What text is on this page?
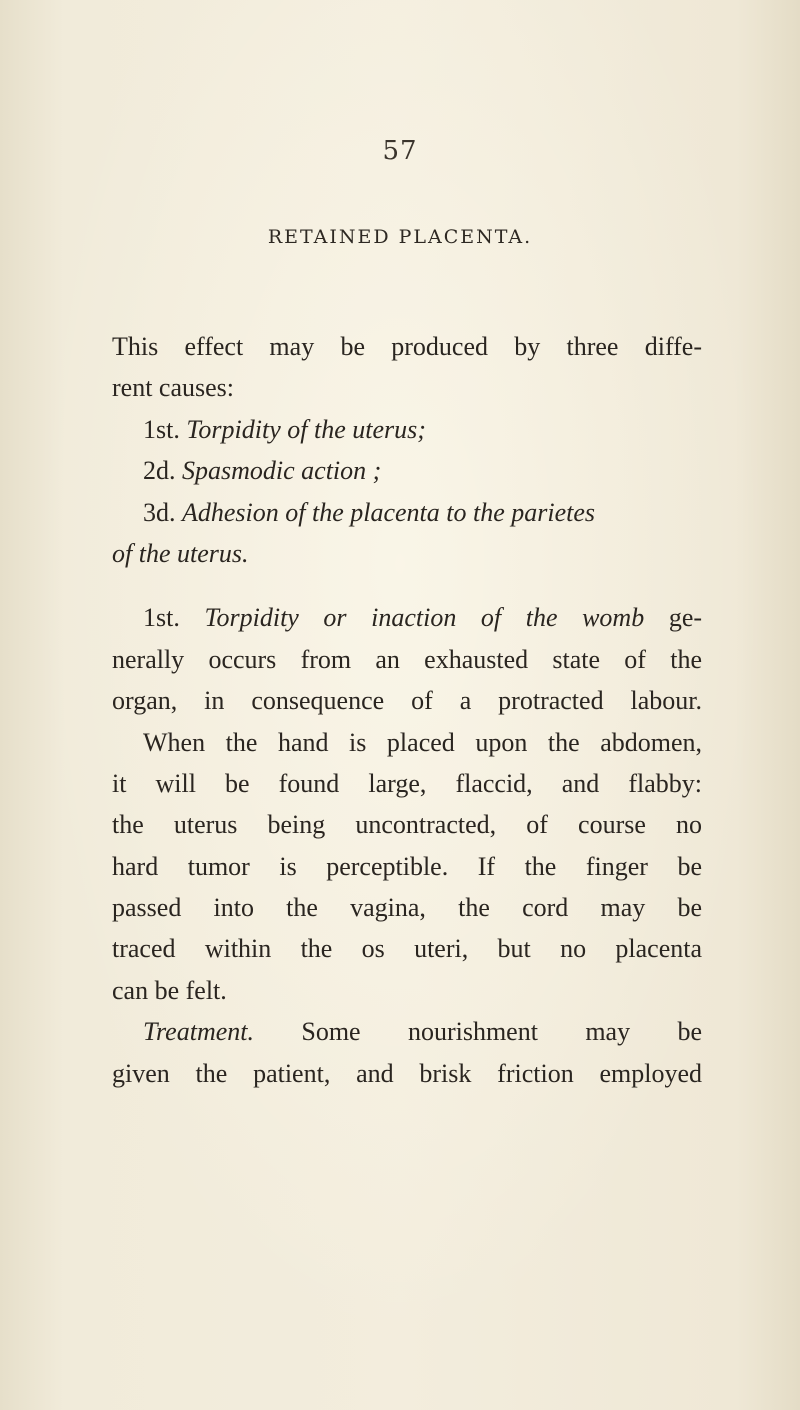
57
RETAINED PLACENTA.
This effect may be produced by three diffe-
rent causes:
1st. Torpidity of the uterus;
2d. Spasmodic action ;
3d. Adhesion of the placenta to the parietes
of the uterus.
1st. Torpidity or inaction of the womb ge-
nerally occurs from an exhausted state of the
organ, in consequence of a protracted labour.
When the hand is placed upon the abdomen,
it will be found large, flaccid, and flabby:
the uterus being uncontracted, of course no
hard tumor is perceptible. If the finger be
passed into the vagina, the cord may be
traced within the os uteri, but no placenta
can be felt.
Treatment. Some nourishment may be
given the patient, and brisk friction employed
